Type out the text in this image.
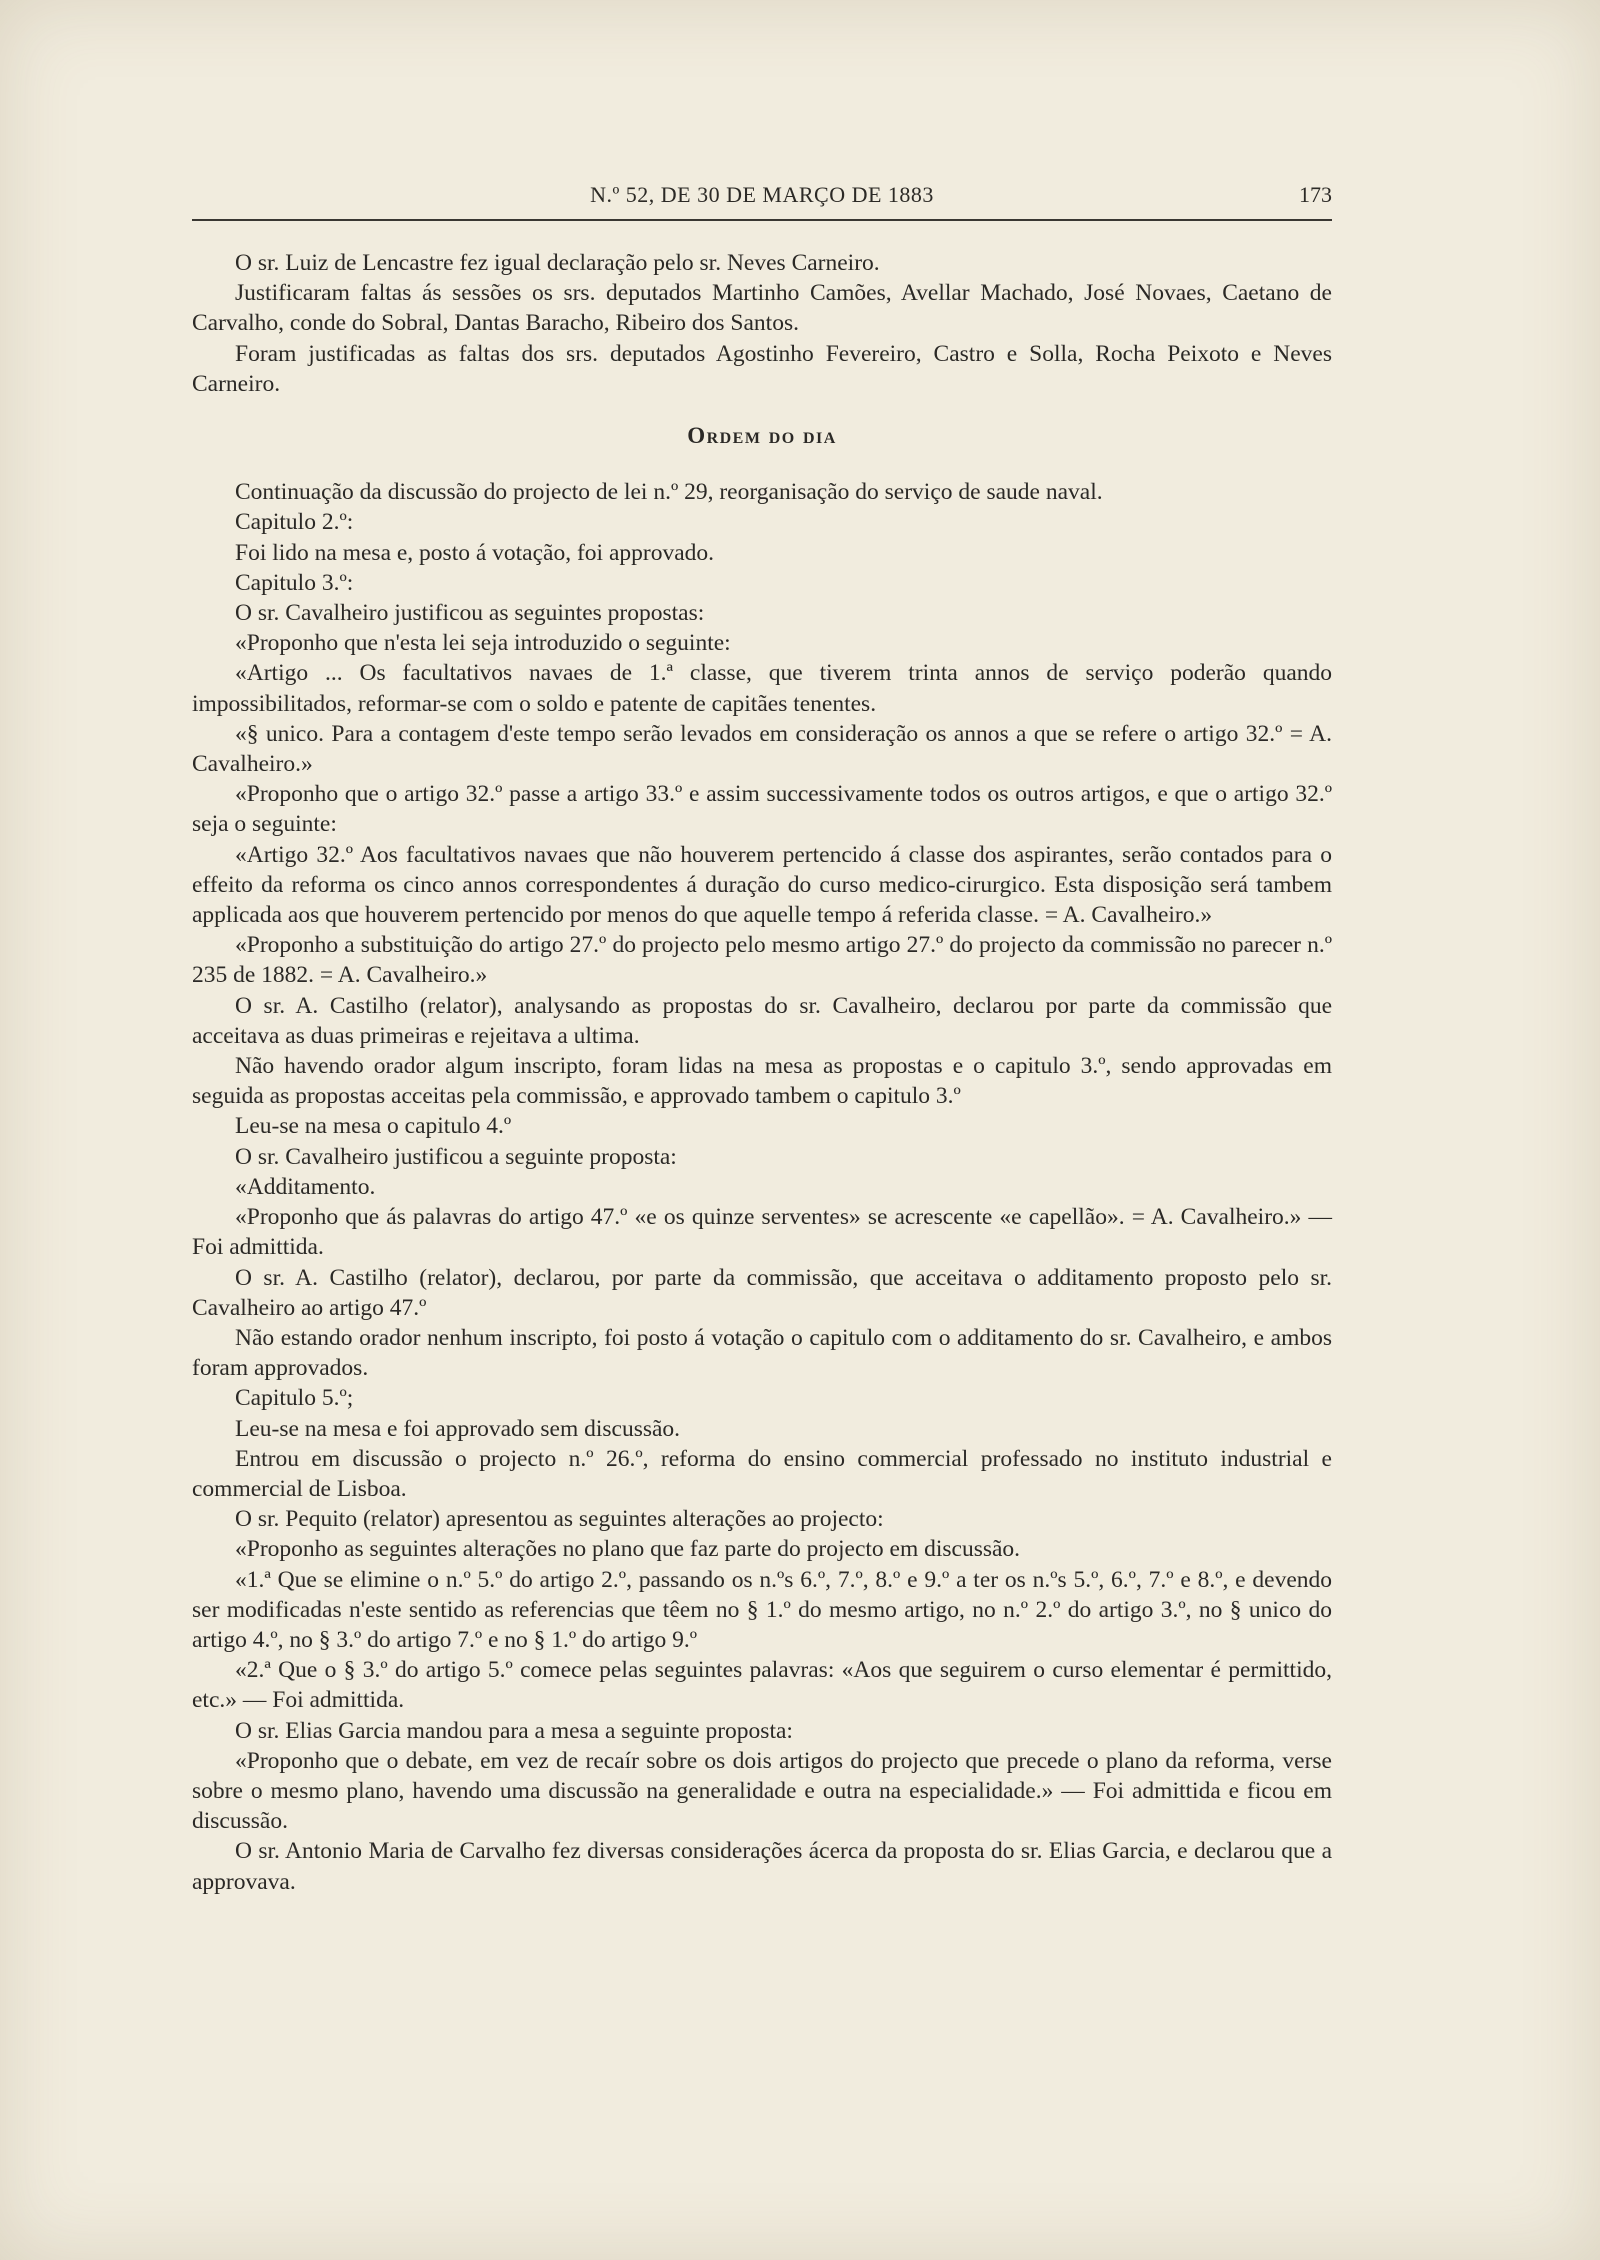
N.º 52, DE 30 DE MARÇO DE 1883	173

O sr. Luiz de Lencastre fez igual declaração pelo sr. Neves Carneiro.

Justificaram faltas ás sessões os srs. deputados Martinho Camões, Avellar Machado, José Novaes, Caetano de Carvalho, conde do Sobral, Dantas Baracho, Ribeiro dos Santos.

Foram justificadas as faltas dos srs. deputados Agostinho Fevereiro, Castro e Solla, Rocha Peixoto e Neves Carneiro.

Ordem do dia

Continuação da discussão do projecto de lei n.º 29, reorganisação do serviço de saude naval.

Capitulo 2.º:

Foi lido na mesa e, posto á votação, foi approvado.

Capitulo 3.º:

O sr. Cavalheiro justificou as seguintes propostas:

«Proponho que n'esta lei seja introduzido o seguinte:

«Artigo ... Os facultativos navaes de 1.ª classe, que tiverem trinta annos de serviço poderão quando impossibilitados, reformar-se com o soldo e patente de capitães tenentes.

«§ unico. Para a contagem d'este tempo serão levados em consideração os annos a que se refere o artigo 32.º = A. Cavalheiro.»

«Proponho que o artigo 32.º passe a artigo 33.º e assim successivamente todos os outros artigos, e que o artigo 32.º seja o seguinte:

«Artigo 32.º Aos facultativos navaes que não houverem pertencido á classe dos aspirantes, serão contados para o effeito da reforma os cinco annos correspondentes á duração do curso medico-cirurgico. Esta disposição será tambem applicada aos que houverem pertencido por menos do que aquelle tempo á referida classe. = A. Cavalheiro.»

«Proponho a substituição do artigo 27.º do projecto pelo mesmo artigo 27.º do projecto da commissão no parecer n.º 235 de 1882. = A. Cavalheiro.»

O sr. A. Castilho (relator), analysando as propostas do sr. Cavalheiro, declarou por parte da commissão que acceitava as duas primeiras e rejeitava a ultima.

Não havendo orador algum inscripto, foram lidas na mesa as propostas e o capitulo 3.º, sendo approvadas em seguida as propostas acceitas pela commissão, e approvado tambem o capitulo 3.º

Leu-se na mesa o capitulo 4.º

O sr. Cavalheiro justificou a seguinte proposta:

«Additamento.

«Proponho que ás palavras do artigo 47.º «e os quinze serventes» se acrescente «e capellão». = A. Cavalheiro.» — Foi admittida.

O sr. A. Castilho (relator), declarou, por parte da commissão, que acceitava o additamento proposto pelo sr. Cavalheiro ao artigo 47.º

Não estando orador nenhum inscripto, foi posto á votação o capitulo com o additamento do sr. Cavalheiro, e ambos foram approvados.

Capitulo 5.º;

Leu-se na mesa e foi approvado sem discussão.

Entrou em discussão o projecto n.º 26.º, reforma do ensino commercial professado no instituto industrial e commercial de Lisboa.

O sr. Pequito (relator) apresentou as seguintes alterações ao projecto:

«Proponho as seguintes alterações no plano que faz parte do projecto em discussão.

«1.ª Que se elimine o n.º 5.º do artigo 2.º, passando os n.ºs 6.º, 7.º, 8.º e 9.º a ter os n.ºs 5.º, 6.º, 7.º e 8.º, e devendo ser modificadas n'este sentido as referencias que têem no § 1.º do mesmo artigo, no n.º 2.º do artigo 3.º, no § unico do artigo 4.º, no § 3.º do artigo 7.º e no § 1.º do artigo 9.º

«2.ª Que o § 3.º do artigo 5.º comece pelas seguintes palavras: «Aos que seguirem o curso elementar é permittido, etc.» — Foi admittida.

O sr. Elias Garcia mandou para a mesa a seguinte proposta:

«Proponho que o debate, em vez de recaír sobre os dois artigos do projecto que precede o plano da reforma, verse sobre o mesmo plano, havendo uma discussão na generalidade e outra na especialidade.» — Foi admittida e ficou em discussão.

O sr. Antonio Maria de Carvalho fez diversas considerações ácerca da proposta do sr. Elias Garcia, e declarou que a approvava.
